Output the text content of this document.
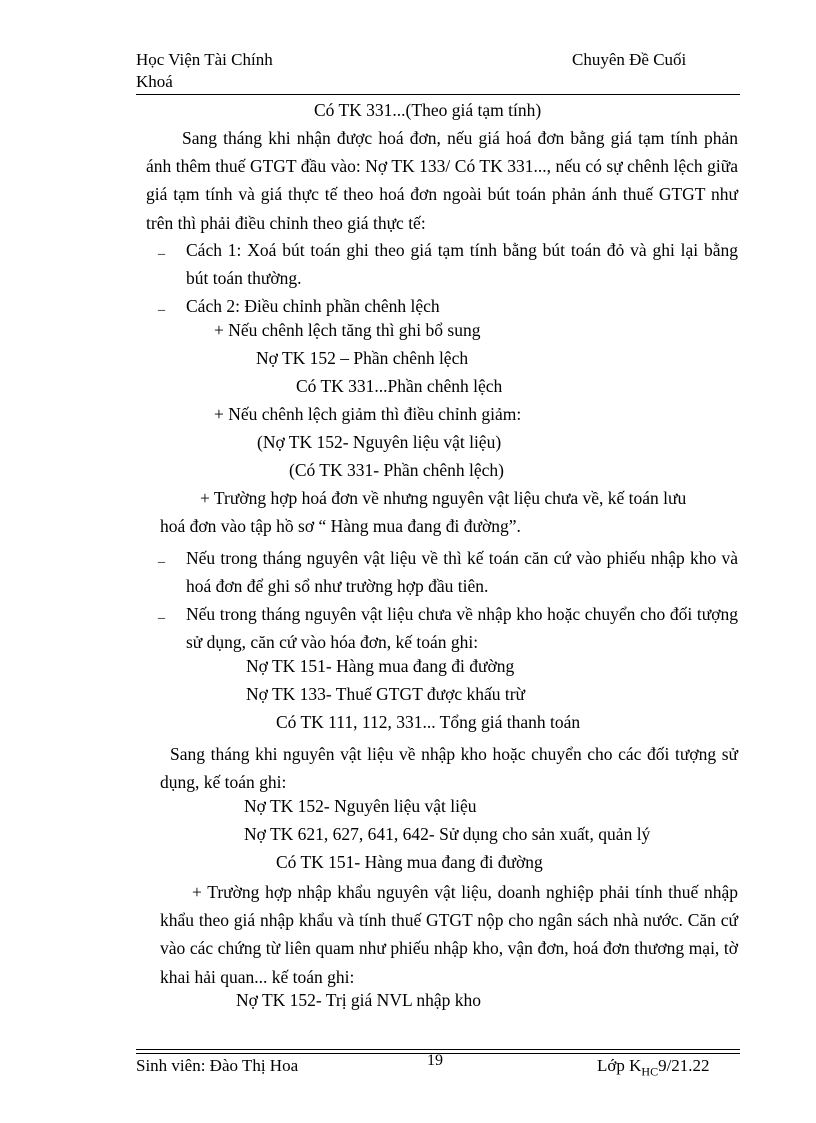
Học Viện Tài Chính
Khoá
Chuyên Đề Cuối
Có TK 331...(Theo giá tạm tính)
Sang tháng khi nhận được hoá đơn, nếu giá hoá đơn bằng giá tạm tính phản ánh thêm thuế GTGT đầu vào: Nợ TK 133/ Có TK 331..., nếu có sự chênh lệch giữa giá tạm tính và giá thực tế theo hoá đơn ngoài bút toán phản ánh thuế GTGT như trên thì phải điều chỉnh theo giá thực tế:
_ Cách 1: Xoá bút toán ghi theo giá tạm tính bằng bút toán đỏ và ghi lại bằng bút toán thường.
_ Cách 2: Điều chỉnh phần chênh lệch
+ Nếu chênh lệch tăng thì ghi bổ sung
Nợ TK 152 – Phần chênh lệch
Có TK 331...Phần chênh lệch
+ Nếu chênh lệch giảm thì điều chỉnh giảm:
(Nợ TK 152- Nguyên liệu vật liệu)
(Có TK 331- Phần chênh lệch)
+ Trường hợp hoá đơn về nhưng nguyên vật liệu chưa về, kế toán lưu
hoá đơn vào tập hồ sơ “ Hàng mua đang đi đường”.
_ Nếu trong tháng nguyên vật liệu về thì kế toán căn cứ vào phiếu nhập kho và hoá đơn để ghi sổ như trường hợp đầu tiên.
_ Nếu trong tháng nguyên vật liệu chưa về nhập kho hoặc chuyển cho đối tượng sử dụng, căn cứ vào hóa đơn, kế toán ghi:
Nợ TK 151- Hàng mua đang đi đường
Nợ TK 133- Thuế GTGT được khấu trừ
Có TK 111, 112, 331... Tổng giá thanh toán
Sang tháng khi nguyên vật liệu về nhập kho hoặc chuyển cho các đối tượng sử dụng, kế toán ghi:
Nợ TK 152- Nguyên liệu vật liệu
Nợ TK 621, 627, 641, 642- Sử dụng cho sản xuất, quản lý
Có TK 151- Hàng mua đang đi đường
+ Trường hợp nhập khẩu nguyên vật liệu, doanh nghiệp phải tính thuế nhập khẩu theo giá nhập khẩu và tính thuế GTGT nộp cho ngân sách nhà nước. Căn cứ vào các chứng từ liên quam như phiếu nhập kho, vận đơn, hoá đơn thương mại, tờ khai hải quan... kế toán ghi:
Nợ TK 152- Trị giá NVL nhập kho
Sinh viên: Đào Thị Hoa	19	Lớp $K_{HC}9/21.22$
